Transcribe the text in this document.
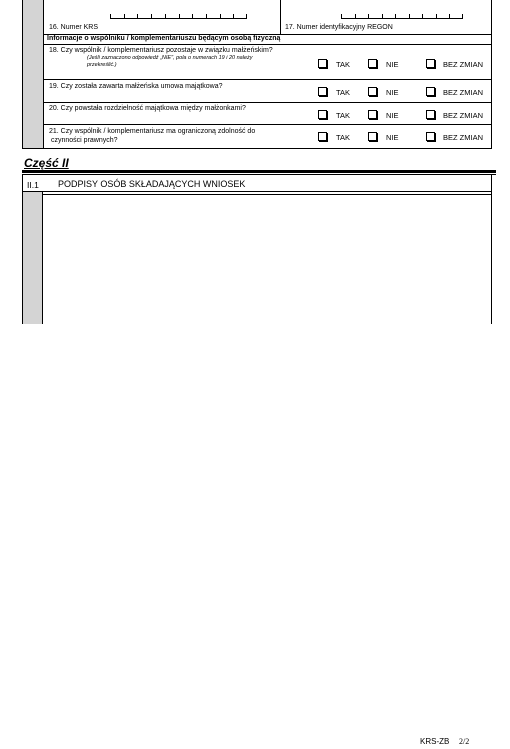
16. Numer KRS	17. Numer identyfikacyjny REGON
Informacje o wspólniku / komplementariuszu będącym osobą fizyczną
18. Czy wspólnik / komplementariusz pozostaje w związku małżeńskim?
(Jeśli zaznaczono odpowiedź „NIE", pola o numerach 19 i 20 należy
przekreślić.)	TAK	NIE	BEZ ZMIAN
19. Czy została zawarta małżeńska umowa majątkowa?
TAK	NIE	BEZ ZMIAN
20. Czy powstała rozdzielność majątkowa między małżonkami?
TAK	NIE	BEZ ZMIAN
21. Czy wspólnik / komplementariusz ma ograniczoną zdolność do
czynności prawnych?	TAK	NIE	BEZ ZMIAN
Część II
II.1 PODPISY OSÓB SKŁADAJĄCYCH WNIOSEK
KRS-ZB 2/2
